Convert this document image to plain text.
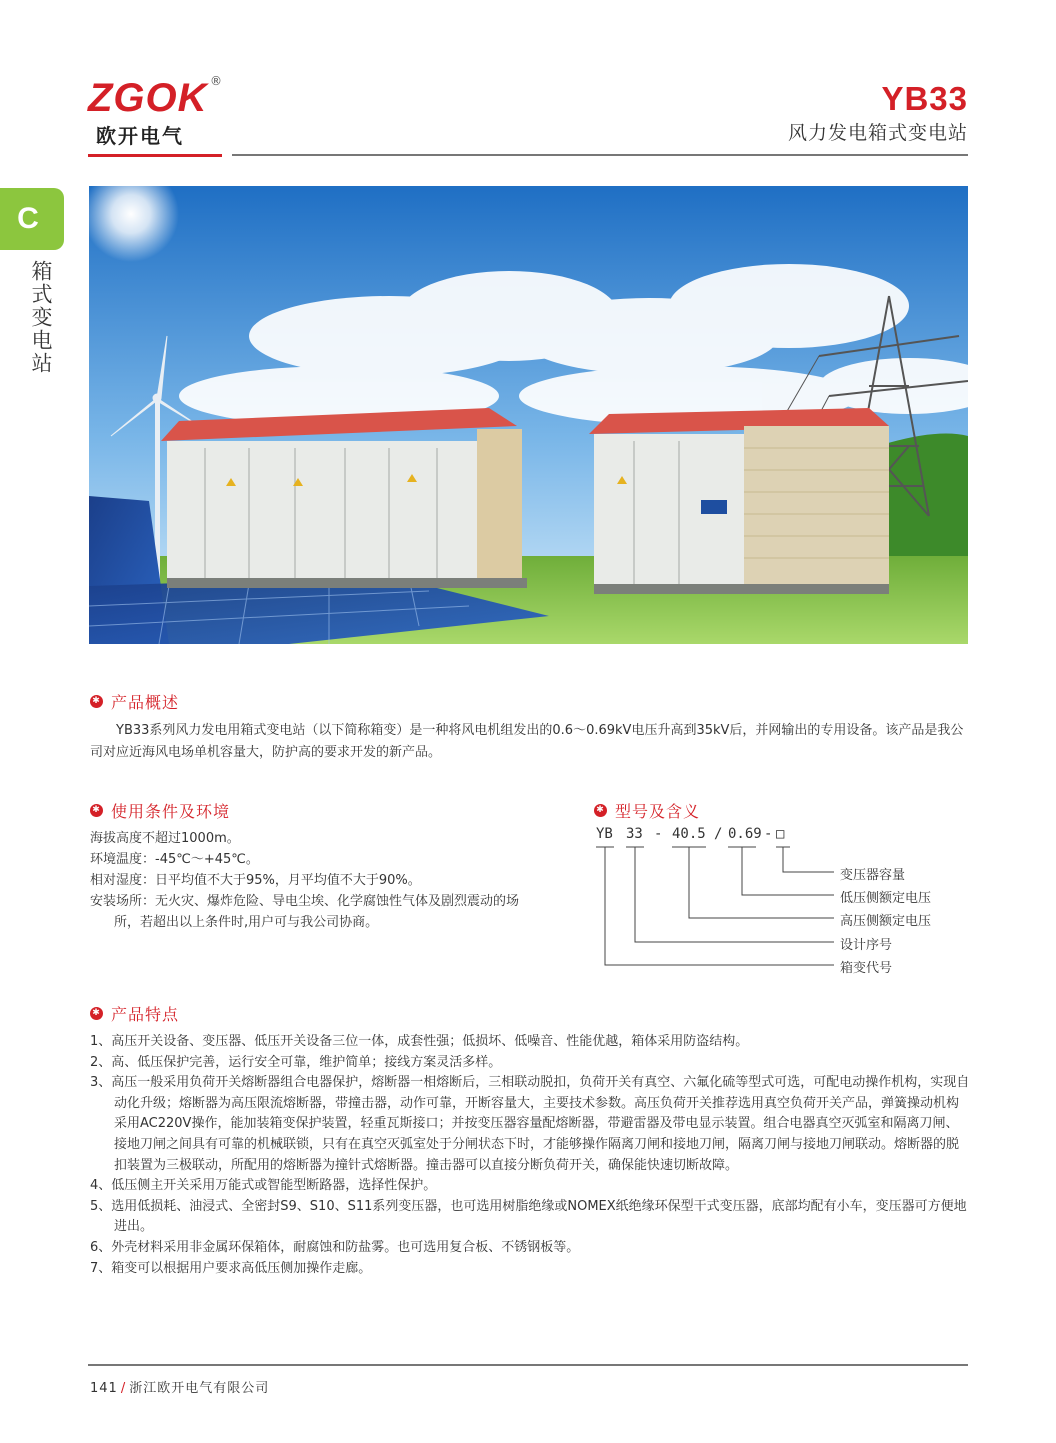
ZGOK ®
欧开电气
YB33
风力发电箱式变电站
C
箱式变电站
✱ 产品概述
YB33系列风力发电用箱式变电站（以下简称箱变）是一种将风电机组发出的0.6～0.69kV电压升高到35kV后，并网输出的专用设备。该产品是我公司对应近海风电场单机容量大，防护高的要求开发的新产品。
✱ 使用条件及环境
海拔高度不超过1000m。
环境温度：-45℃～+45℃。
相对湿度：日平均值不大于95%，月平均值不大于90%。
安装场所：无火灾、爆炸危险、导电尘埃、化学腐蚀性气体及剧烈震动的场
所，若超出以上条件时,用户可与我公司协商。
✱ 型号及含义
YB 33 - 40.5 / 0.69 - □
变压器容量
低压侧额定电压
高压侧额定电压
设计序号
箱变代号
✱ 产品特点
1、高压开关设备、变压器、低压开关设备三位一体，成套性强；低损坏、低噪音、性能优越，箱体采用防盗结构。
2、高、低压保护完善，运行安全可靠，维护简单；接线方案灵活多样。
3、高压一般采用负荷开关熔断器组合电器保护，熔断器一相熔断后，三相联动脱扣，负荷开关有真空、六氟化硫等型式可选，可配电动操作机构，实现自动化升级；熔断器为高压限流熔断器，带撞击器，动作可靠，开断容量大，主要技术参数。高压负荷开关推荐选用真空负荷开关产品，弹簧操动机构采用AC220V操作，能加装箱变保护装置，轻重瓦斯接口；并按变压器容量配熔断器，带避雷器及带电显示装置。组合电器真空灭弧室和隔离刀闸、接地刀闸之间具有可靠的机械联锁，只有在真空灭弧室处于分闸状态下时，才能够操作隔离刀闸和接地刀闸，隔离刀闸与接地刀闸联动。熔断器的脱扣装置为三极联动，所配用的熔断器为撞针式熔断器。撞击器可以直接分断负荷开关，确保能快速切断故障。
4、低压侧主开关采用万能式或智能型断路器，选择性保护。
5、选用低损耗、油浸式、全密封S9、S10、S11系列变压器，也可选用树脂绝缘或NOMEX纸绝缘环保型干式变压器，底部均配有小车，变压器可方便地进出。
6、外壳材料采用非金属环保箱体，耐腐蚀和防盐雾。也可选用复合板、不锈钢板等。
7、箱变可以根据用户要求高低压侧加操作走廊。
141 / 浙江欧开电气有限公司
